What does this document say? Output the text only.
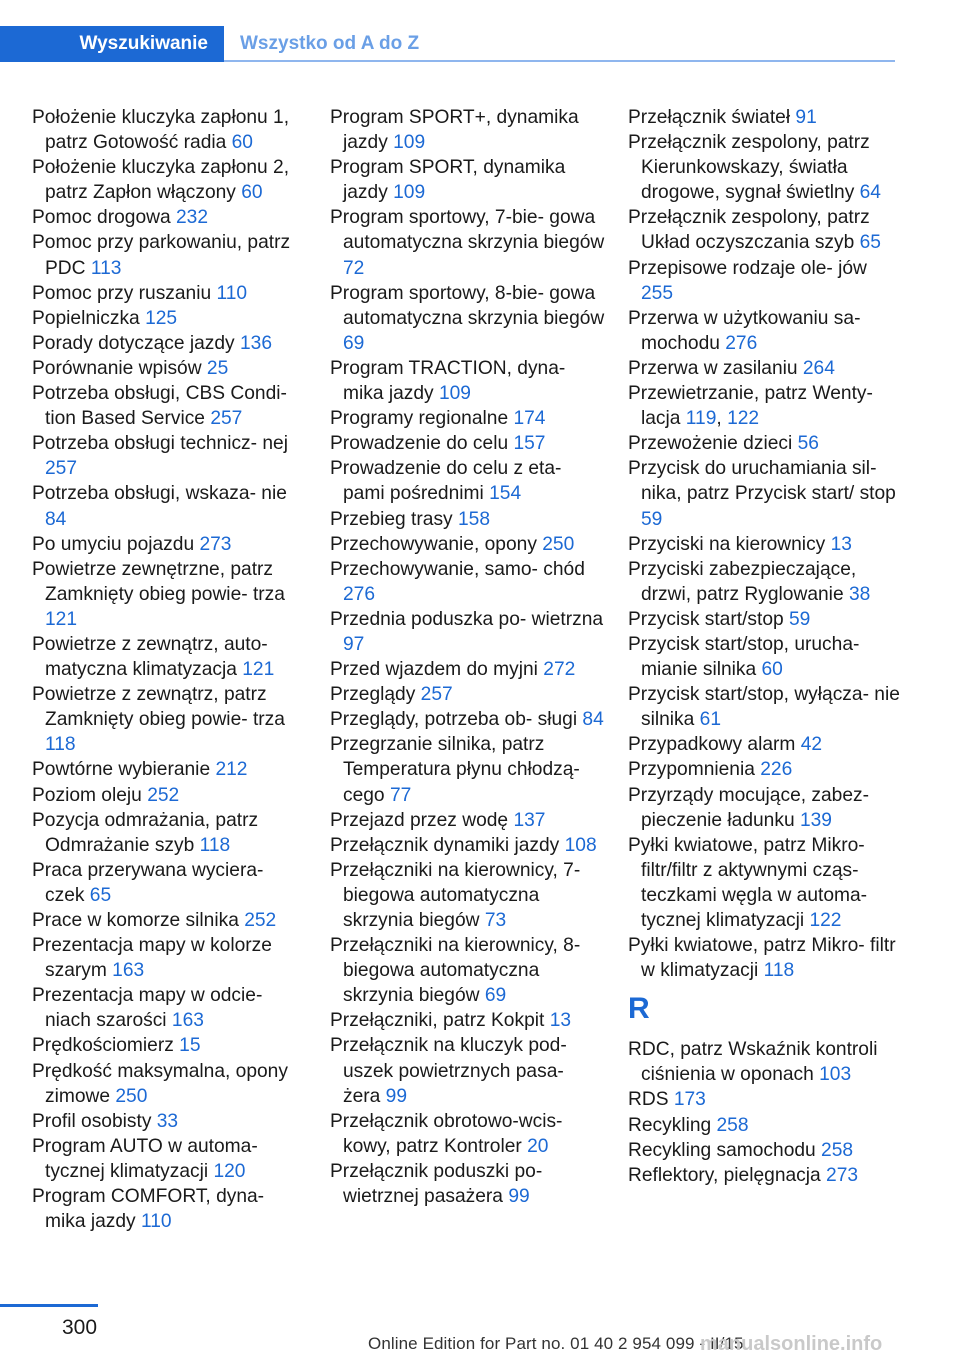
Wyszukiwanie Wszystko od A do Z
Położenie kluczyka zapłonu 1, patrz Gotowość radia 60
Położenie kluczyka zapłonu 2, patrz Zapłon włączony 60
Pomoc drogowa 232
Pomoc przy parkowaniu, patrz PDC 113
Pomoc przy ruszaniu 110
Popielniczka 125
Porady dotyczące jazdy 136
Porównanie wpisów 25
Potrzeba obsługi, CBS Condi‐ tion Based Service 257
Potrzeba obsługi technicz‐ nej 257
Potrzeba obsługi, wskaza‐ nie 84
Po umyciu pojazdu 273
Powietrze zewnętrzne, patrz Zamknięty obieg powie‐ trza 121
Powietrze z zewnątrz, auto‐ matyczna klimatyzacja 121
Powietrze z zewnątrz, patrz Zamknięty obieg powie‐ trza 118
Powtórne wybieranie 212
Poziom oleju 252
Pozycja odmrażania, patrz Odmrażanie szyb 118
Praca przerywana wyciera‐ czek 65
Prace w komorze silnika 252
Prezentacja mapy w kolorze szarym 163
Prezentacja mapy w odcie‐ niach szarości 163
Prędkościomierz 15
Prędkość maksymalna, opony zimowe 250
Profil osobisty 33
Program AUTO w automa‐ tycznej klimatyzacji 120
Program COMFORT, dyna‐ mika jazdy 110
Program SPORT+, dynamika jazdy 109
Program SPORT, dynamika jazdy 109
Program sportowy, 7-bie‐ gowa automatyczna skrzynia biegów 72
Program sportowy, 8-bie‐ gowa automatyczna skrzynia biegów 69
Program TRACTION, dyna‐ mika jazdy 109
Programy regionalne 174
Prowadzenie do celu 157
Prowadzenie do celu z eta‐ pami pośrednimi 154
Przebieg trasy 158
Przechowywanie, opony 250
Przechowywanie, samo‐ chód 276
Przednia poduszka po‐ wietrzna 97
Przed wjazdem do myjni 272
Przeglądy 257
Przeglądy, potrzeba ob‐ sługi 84
Przegrzanie silnika, patrz Temperatura płynu chłodzą‐ cego 77
Przejazd przez wodę 137
Przełącznik dynamiki jazdy 108
Przełączniki na kierownicy, 7- biegowa automatyczna skrzynia biegów 73
Przełączniki na kierownicy, 8- biegowa automatyczna skrzynia biegów 69
Przełączniki, patrz Kokpit 13
Przełącznik na kluczyk pod‐ uszek powietrznych pasa‐ żera 99
Przełącznik obrotowo-wcis‐ kowy, patrz Kontroler 20
Przełącznik poduszki po‐ wietrznej pasażera 99
Przełącznik świateł 91
Przełącznik zespolony, patrz Kierunkowskazy, światła drogowe, sygnał świetlny 64
Przełącznik zespolony, patrz Układ oczyszczania szyb 65
Przepisowe rodzaje ole‐ jów 255
Przerwa w użytkowaniu sa‐ mochodu 276
Przerwa w zasilaniu 264
Przewietrzanie, patrz Wenty‐ lacja 119, 122
Przewożenie dzieci 56
Przycisk do uruchamiania sil‐ nika, patrz Przycisk start/ stop 59
Przyciski na kierownicy 13
Przyciski zabezpieczające, drzwi, patrz Ryglowanie 38
Przycisk start/stop 59
Przycisk start/stop, urucha‐ mianie silnika 60
Przycisk start/stop, wyłącza‐ nie silnika 61
Przypadkowy alarm 42
Przypomnienia 226
Przyrządy mocujące, zabez‐ pieczenie ładunku 139
Pyłki kwiatowe, patrz Mikro‐ filtr/filtr z aktywnymi cząs‐ teczkami węgla w automa‐ tycznej klimatyzacji 122
Pyłki kwiatowe, patrz Mikro‐ filtr w klimatyzacji 118
R
RDC, patrz Wskaźnik kontroli ciśnienia w oponach 103
RDS 173
Recykling 258
Recykling samochodu 258
Reflektory, pielęgnacja 273
300
Online Edition for Part no. 01 40 2 954 099 - II/15
manualsonline.info
